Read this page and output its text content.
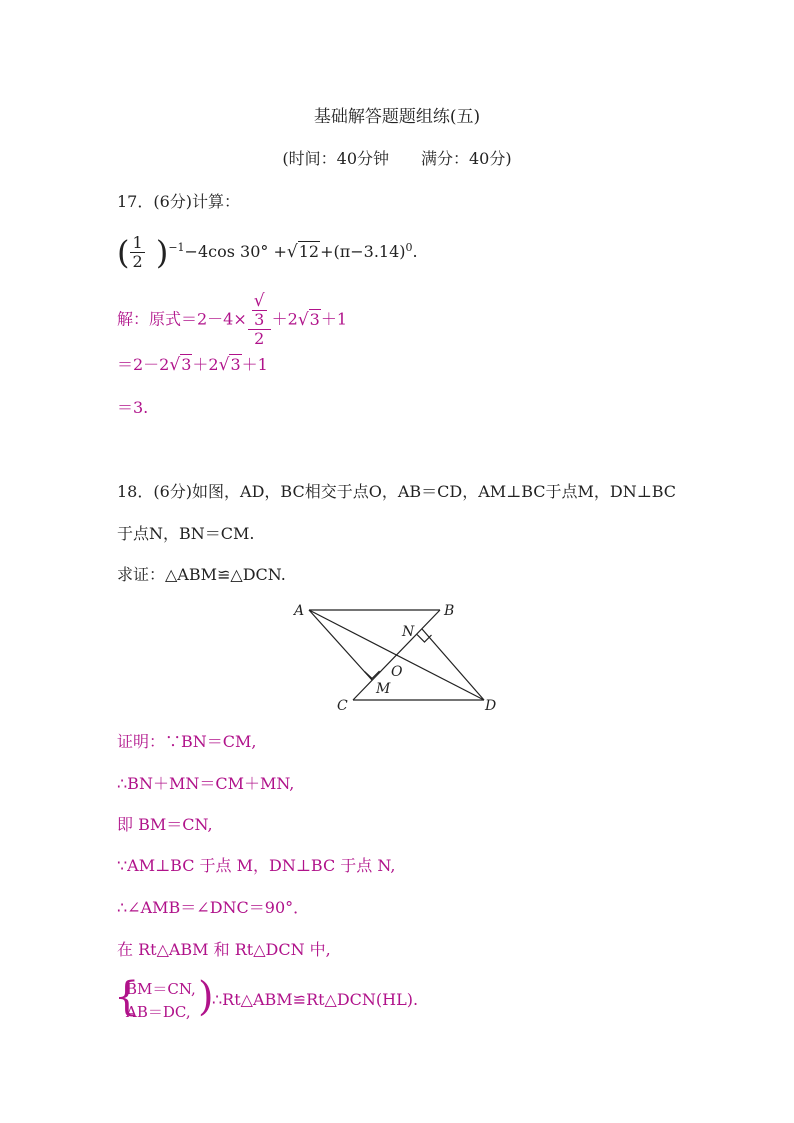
基础解答题题组练(五)
(时间：40分钟　　满分：40分)
17．(6分)计算：
( $\frac{1}{2} )^{-1}-4\cos$ $30^\circ +√12+(\pi-3.14)^0$.
解：原式＝2－4× √
3
2 ＋2√3＋1
＝2－2√3＋2√3＋1
＝3.
18．(6分)如图，AD，BC相交于点O，AB＝CD，AM⊥BC于点M，DN⊥BC
于点N，BN＝CM.
求证：△ABM≌△DCN.
A	B
N
O
M
C	D
证明：∵BN＝CM,
∴BN＋MN＝CM＋MN,
即 BM＝CN,
∵AM⊥BC 于点 M，DN⊥BC 于点 N,
∴∠AMB＝∠DNC＝90°．
在 Rt△ABM 和 Rt△DCN 中,
{
BM＝CN,
AB＝DC, )
∴Rt△ABM≌Rt△DCN(HL).
